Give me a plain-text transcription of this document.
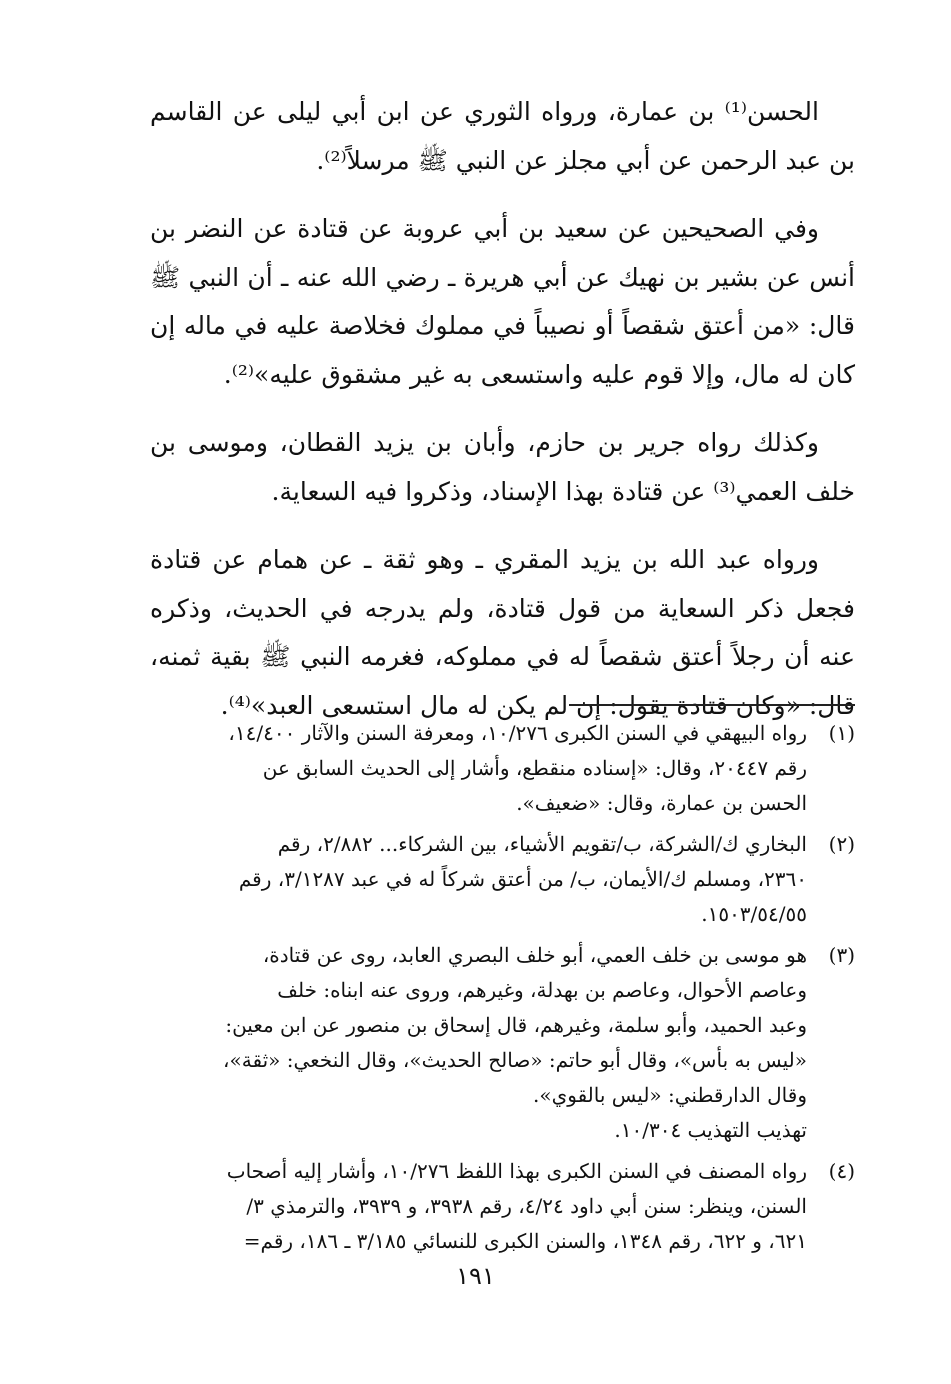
الحسن⁽¹⁾ بن عمارة، ورواه الثوري عن ابن أبي ليلى عن القاسم بن عبد الرحمن عن أبي مجلز عن النبي ﷺ مرسلاً⁽²⁾.

وفي الصحيحين عن سعيد بن أبي عروبة عن قتادة عن النضر بن أنس عن بشير بن نهيك عن أبي هريرة ـ رضي الله عنه ـ أن النبي ﷺ قال: «من أعتق شقصاً أو نصيباً في مملوك فخلاصة عليه في ماله إن كان له مال، وإلا قوم عليه واستسعى به غير مشقوق عليه»⁽²⁾.

وكذلك رواه جرير بن حازم، وأبان بن يزيد القطان، وموسى بن خلف العمي⁽³⁾ عن قتادة بهذا الإسناد، وذكروا فيه السعاية.

ورواه عبد الله بن يزيد المقري ـ وهو ثقة ـ عن همام عن قتادة فجعل ذكر السعاية من قول قتادة، ولم يدرجه في الحديث، وذكره عنه أن رجلاً أعتق شقصاً له في مملوكه، فغرمه النبي ﷺ بقية ثمنه، قال: «وكان قتادة يقول: إن لم يكن له مال استسعى العبد»⁽⁴⁾.

(١)
رواه البيهقي في السنن الكبرى ١٠/٢٧٦، ومعرفة السنن والآثار ١٤/٤٠٠،
رقم ٢٠٤٤٧، وقال: «إسناده منقطع، وأشار إلى الحديث السابق عن
الحسن بن عمارة، وقال: «ضعيف».
(٢)
البخاري ك/الشركة، ب/تقويم الأشياء، بين الشركاء... ٢/٨٨٢، رقم
٢٣٦٠، ومسلم ك/الأيمان، ب/ من أعتق شركاً له في عبد ٣/١٢٨٧، رقم
١٥٠٣/٥٤/٥٥.
(٣)
هو موسى بن خلف العمي، أبو خلف البصري العابد، روى عن قتادة،
وعاصم الأحوال، وعاصم بن بهدلة، وغيرهم، وروى عنه ابناه: خلف
وعبد الحميد، وأبو سلمة، وغيرهم، قال إسحاق بن منصور عن ابن معين:
«ليس به بأس»، وقال أبو حاتم: «صالح الحديث»، وقال النخعي: «ثقة»،
وقال الدارقطني: «ليس بالقوي».
تهذيب التهذيب ١٠/٣٠٤.
(٤)
رواه المصنف في السنن الكبرى بهذا اللفظ ١٠/٢٧٦، وأشار إليه أصحاب
السنن، وينظر: سنن أبي داود ٤/٢٤، رقم ٣٩٣٨، و ٣٩٣٩، والترمذي ٣/
٦٢١، و ٦٢٢، رقم ١٣٤٨، والسنن الكبرى للنسائي ٣/١٨٥ ـ ١٨٦، رقم=
١٩١
